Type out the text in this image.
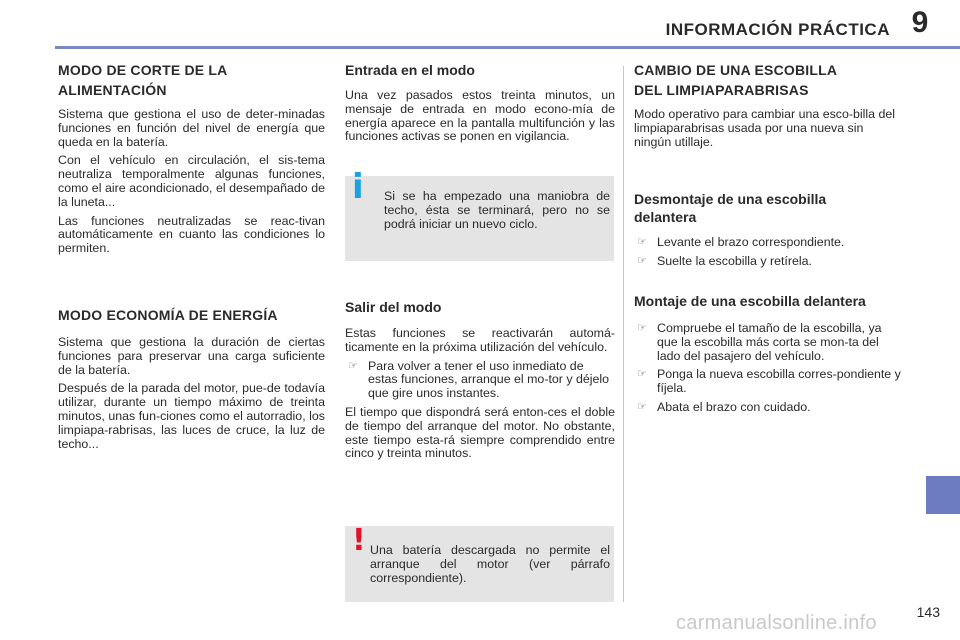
9
INFORMACIÓN PRÁCTICA
MODO DE CORTE DE LA
ALIMENTACIÓN

Sistema que gestiona el uso de deter-minadas funciones en función del nivel de energía que queda en la batería.

Con el vehículo en circulación, el sis-tema neutraliza temporalmente algunas funciones, como el aire acondicionado, el desempañado de la luneta...

Las funciones neutralizadas se reac-tivan automáticamente en cuanto las condiciones lo permiten.

MODO ECONOMÍA DE ENERGÍA

Sistema que gestiona la duración de ciertas funciones para preservar una carga suficiente de la batería.

Después de la parada del motor, pue-de todavía utilizar, durante un tiempo máximo de treinta minutos, unas fun-ciones como el autorradio, los limpiapa-rabrisas, las luces de cruce, la luz de techo...

Entrada en el modo

Una vez pasados estos treinta minutos, un mensaje de entrada en modo econo-mía de energía aparece en la pantalla multifunción y las funciones activas se ponen en vigilancia.

i Si se ha empezado una maniobra de techo, ésta se terminará, pero no se podrá iniciar un nuevo ciclo.
Salir del modo

Estas funciones se reactivarán automá-ticamente en la próxima utilización del vehículo.

☞ Para volver a tener el uso inmediato de estas funciones, arranque el mo-tor y déjelo que gire unos instantes.

El tiempo que dispondrá será enton-ces el doble de tiempo del arranque del motor. No obstante, este tiempo esta-rá siempre comprendido entre cinco y treinta minutos.

! Una batería descargada no permite el arranque del motor (ver párrafo correspondiente).
CAMBIO DE UNA ESCOBILLA
DEL LIMPIAPARABRISAS

Modo operativo para cambiar una esco-billa del limpiaparabrisas usada por una nueva sin ningún utillaje.

Desmontaje de una escobilla
delantera
☞ Levante el brazo correspondiente.
☞ Suelte la escobilla y retírela.
Montaje de una escobilla delantera
☞ Compruebe el tamaño de la escobilla, ya que la escobilla más corta se mon-ta del lado del pasajero del vehículo.
☞ Ponga la nueva escobilla corres-pondiente y fíjela.
☞ Abata el brazo con cuidado.
143
carmanualsonline.info
